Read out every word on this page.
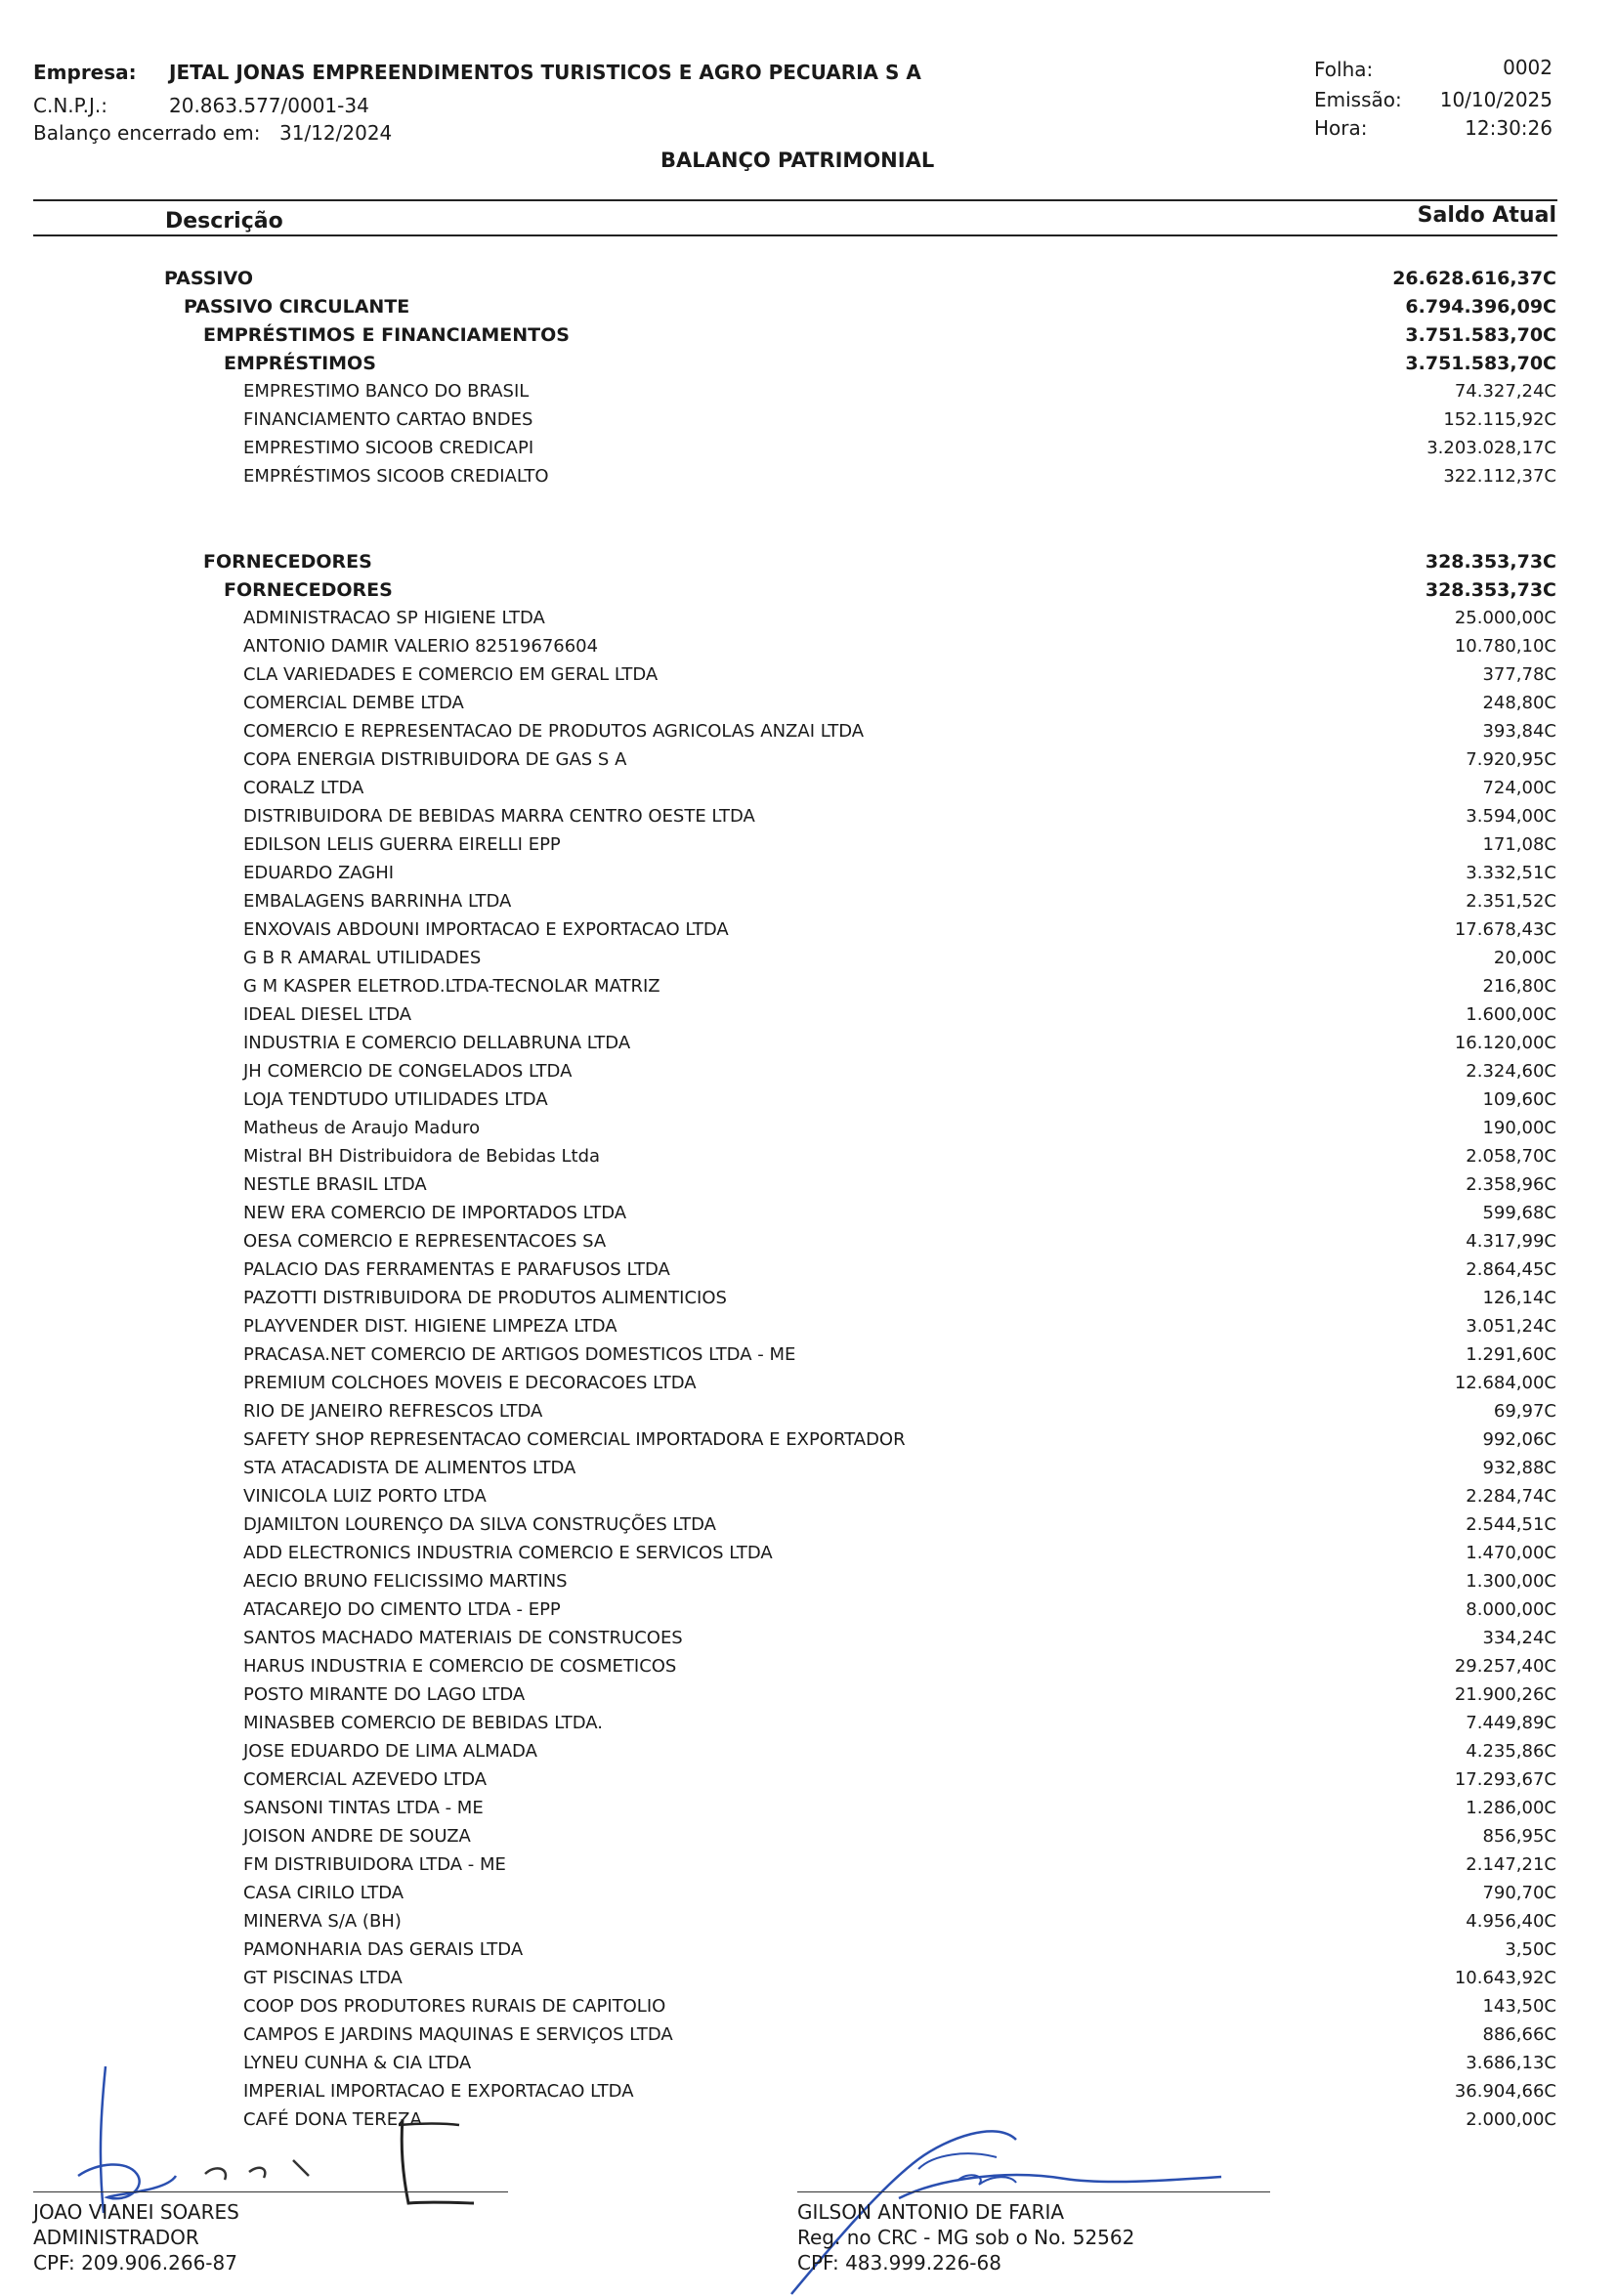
Empresa: JETAL JONAS EMPREENDIMENTOS TURISTICOS E AGRO PECUARIA S A
C.N.P.J.:	20.863.577/0001-34
Balanço encerrado em: 31/12/2024
Folha:	0002
Emissão: 10/10/2025
Hora:	12:30:26
BALANÇO PATRIMONIAL
Descrição	Saldo Atual
PASSIVO	26.628.616,37C
PASSIVO CIRCULANTE	6.794.396,09C
EMPRÉSTIMOS E FINANCIAMENTOS	3.751.583,70C
EMPRÉSTIMOS	3.751.583,70C
EMPRESTIMO BANCO DO BRASIL	74.327,24C
FINANCIAMENTO CARTAO BNDES	152.115,92C
EMPRESTIMO SICOOB CREDICAPI	3.203.028,17C
EMPRÉSTIMOS SICOOB CREDIALTO	322.112,37C
FORNECEDORES	328.353,73C
FORNECEDORES	328.353,73C
ADMINISTRACAO SP HIGIENE LTDA	25.000,00C
ANTONIO DAMIR VALERIO 82519676604	10.780,10C
CLA VARIEDADES E COMERCIO EM GERAL LTDA	377,78C
COMERCIAL DEMBE LTDA	248,80C
COMERCIO E REPRESENTACAO DE PRODUTOS AGRICOLAS ANZAI LTDA	393,84C
COPA ENERGIA DISTRIBUIDORA DE GAS S A	7.920,95C
CORALZ LTDA	724,00C
DISTRIBUIDORA DE BEBIDAS MARRA CENTRO OESTE LTDA	3.594,00C
EDILSON LELIS GUERRA EIRELLI EPP	171,08C
EDUARDO ZAGHI	3.332,51C
EMBALAGENS BARRINHA LTDA	2.351,52C
ENXOVAIS ABDOUNI IMPORTACAO E EXPORTACAO LTDA	17.678,43C
G B R AMARAL UTILIDADES	20,00C
G M KASPER ELETROD.LTDA-TECNOLAR MATRIZ	216,80C
IDEAL DIESEL LTDA	1.600,00C
INDUSTRIA E COMERCIO DELLABRUNA LTDA	16.120,00C
JH COMERCIO DE CONGELADOS LTDA	2.324,60C
LOJA TENDTUDO UTILIDADES LTDA	109,60C
Matheus de Araujo Maduro	190,00C
Mistral BH Distribuidora de Bebidas Ltda	2.058,70C
NESTLE BRASIL LTDA	2.358,96C
NEW ERA COMERCIO DE IMPORTADOS LTDA	599,68C
OESA COMERCIO E REPRESENTACOES SA	4.317,99C
PALACIO DAS FERRAMENTAS E PARAFUSOS LTDA	2.864,45C
PAZOTTI DISTRIBUIDORA DE PRODUTOS ALIMENTICIOS	126,14C
PLAYVENDER DIST. HIGIENE LIMPEZA LTDA	3.051,24C
PRACASA.NET COMERCIO DE ARTIGOS DOMESTICOS LTDA - ME	1.291,60C
PREMIUM COLCHOES MOVEIS E DECORACOES LTDA	12.684,00C
RIO DE JANEIRO REFRESCOS LTDA	69,97C
SAFETY SHOP REPRESENTACAO COMERCIAL IMPORTADORA E EXPORTADOR	992,06C
STA ATACADISTA DE ALIMENTOS LTDA	932,88C
VINICOLA LUIZ PORTO LTDA	2.284,74C
DJAMILTON LOURENÇO DA SILVA CONSTRUÇÕES LTDA	2.544,51C
ADD ELECTRONICS INDUSTRIA COMERCIO E SERVICOS LTDA	1.470,00C
AECIO BRUNO FELICISSIMO MARTINS	1.300,00C
ATACAREJO DO CIMENTO LTDA - EPP	8.000,00C
SANTOS MACHADO MATERIAIS DE CONSTRUCOES	334,24C
HARUS INDUSTRIA E COMERCIO DE COSMETICOS	29.257,40C
POSTO MIRANTE DO LAGO LTDA	21.900,26C
MINASBEB COMERCIO DE BEBIDAS LTDA.	7.449,89C
JOSE EDUARDO DE LIMA ALMADA	4.235,86C
COMERCIAL AZEVEDO LTDA	17.293,67C
SANSONI TINTAS LTDA - ME	1.286,00C
JOISON ANDRE DE SOUZA	856,95C
FM DISTRIBUIDORA LTDA - ME	2.147,21C
CASA CIRILO LTDA	790,70C
MINERVA S/A (BH)	4.956,40C
PAMONHARIA DAS GERAIS LTDA	3,50C
GT PISCINAS LTDA	10.643,92C
COOP DOS PRODUTORES RURAIS DE CAPITOLIO	143,50C
CAMPOS E JARDINS MAQUINAS E SERVIÇOS LTDA	886,66C
LYNEU CUNHA & CIA LTDA	3.686,13C
IMPERIAL IMPORTACAO E EXPORTACAO LTDA	36.904,66C
CAFÉ DONA TEREZA	2.000,00C
JOAO VIANEI SOARES
ADMINISTRADOR
CPF: 209.906.266-87
GILSON ANTONIO DE FARIA
Reg. no CRC - MG sob o No. 52562
CPF: 483.999.226-68
